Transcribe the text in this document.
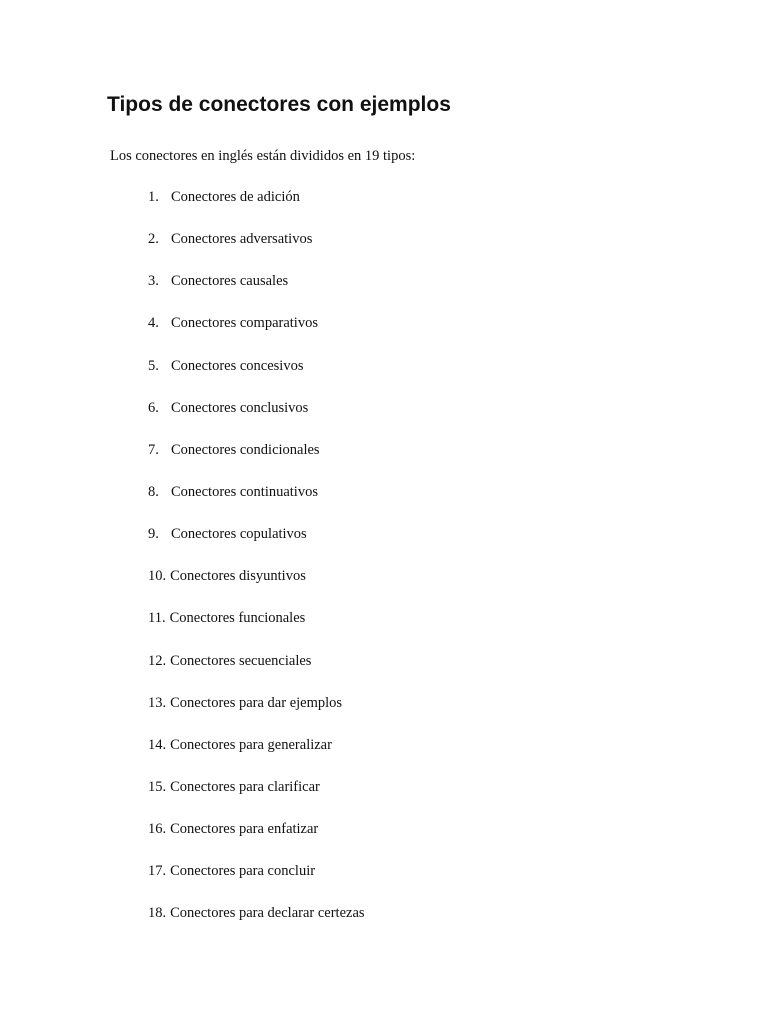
Tipos de conectores con ejemplos

Los conectores en inglés están divididos en 19 tipos:

1. Conectores de adición
2. Conectores adversativos
3. Conectores causales
4. Conectores comparativos
5. Conectores concesivos
6. Conectores conclusivos
7. Conectores condicionales
8. Conectores continuativos
9. Conectores copulativos
10. Conectores disyuntivos
11. Conectores funcionales
12. Conectores secuenciales
13. Conectores para dar ejemplos
14. Conectores para generalizar
15. Conectores para clarificar
16. Conectores para enfatizar
17. Conectores para concluir
18. Conectores para declarar certezas
